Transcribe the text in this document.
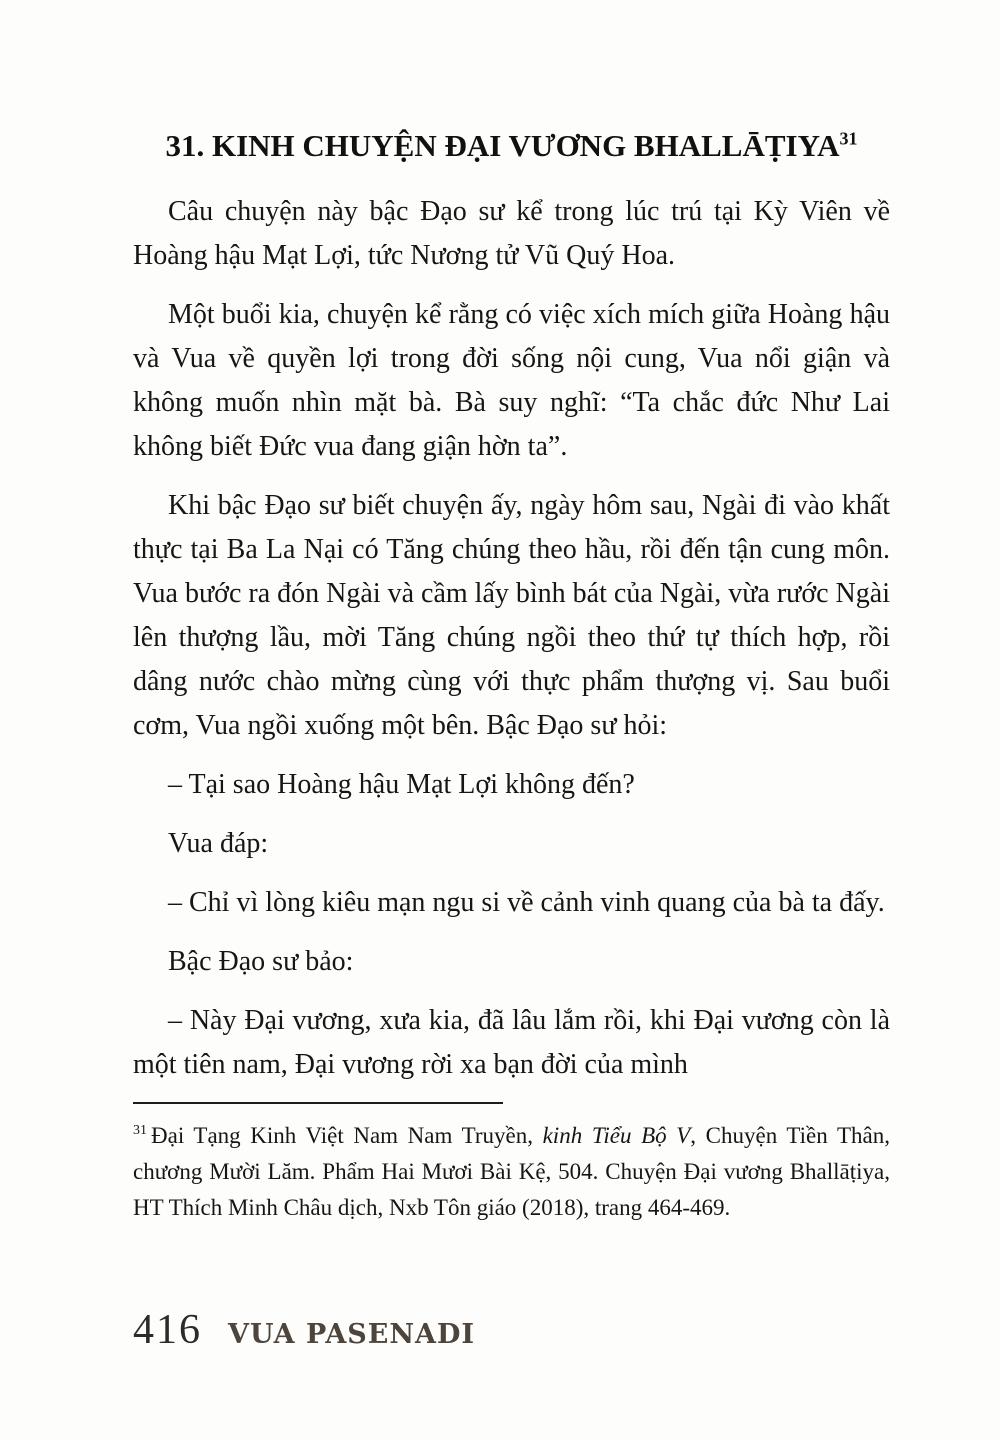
31. KINH CHUYỆN ĐẠI VƯƠNG BHALLĀṬIYA$^{31}$

Câu chuyện này bậc Đạo sư kể trong lúc trú tại Kỳ Viên về Hoàng hậu Mạt Lợi, tức Nương tử Vũ Quý Hoa.

Một buổi kia, chuyện kể rằng có việc xích mích giữa Hoàng hậu và Vua về quyền lợi trong đời sống nội cung, Vua nổi giận và không muốn nhìn mặt bà. Bà suy nghĩ: “Ta chắc đức Như Lai không biết Đức vua đang giận hờn ta”.

Khi bậc Đạo sư biết chuyện ấy, ngày hôm sau, Ngài đi vào khất thực tại Ba La Nại có Tăng chúng theo hầu, rồi đến tận cung môn. Vua bước ra đón Ngài và cầm lấy bình bát của Ngài, vừa rước Ngài lên thượng lầu, mời Tăng chúng ngồi theo thứ tự thích hợp, rồi dâng nước chào mừng cùng với thực phẩm thượng vị. Sau buổi cơm, Vua ngồi xuống một bên. Bậc Đạo sư hỏi:

– Tại sao Hoàng hậu Mạt Lợi không đến?

Vua đáp:

– Chỉ vì lòng kiêu mạn ngu si về cảnh vinh quang của bà ta đấy.

Bậc Đạo sư bảo:

– Này Đại vương, xưa kia, đã lâu lắm rồi, khi Đại vương còn là một tiên nam, Đại vương rời xa bạn đời của mình

$^{31}$ Đại Tạng Kinh Việt Nam Nam Truyền, kinh Tiểu Bộ V, Chuyện Tiền Thân, chương Mười Lăm. Phẩm Hai Mươi Bài Kệ, 504. Chuyện Đại vương Bhallāṭiya, HT Thích Minh Châu dịch, Nxb Tôn giáo (2018), trang 464-469.

416 VUA PASENADI
